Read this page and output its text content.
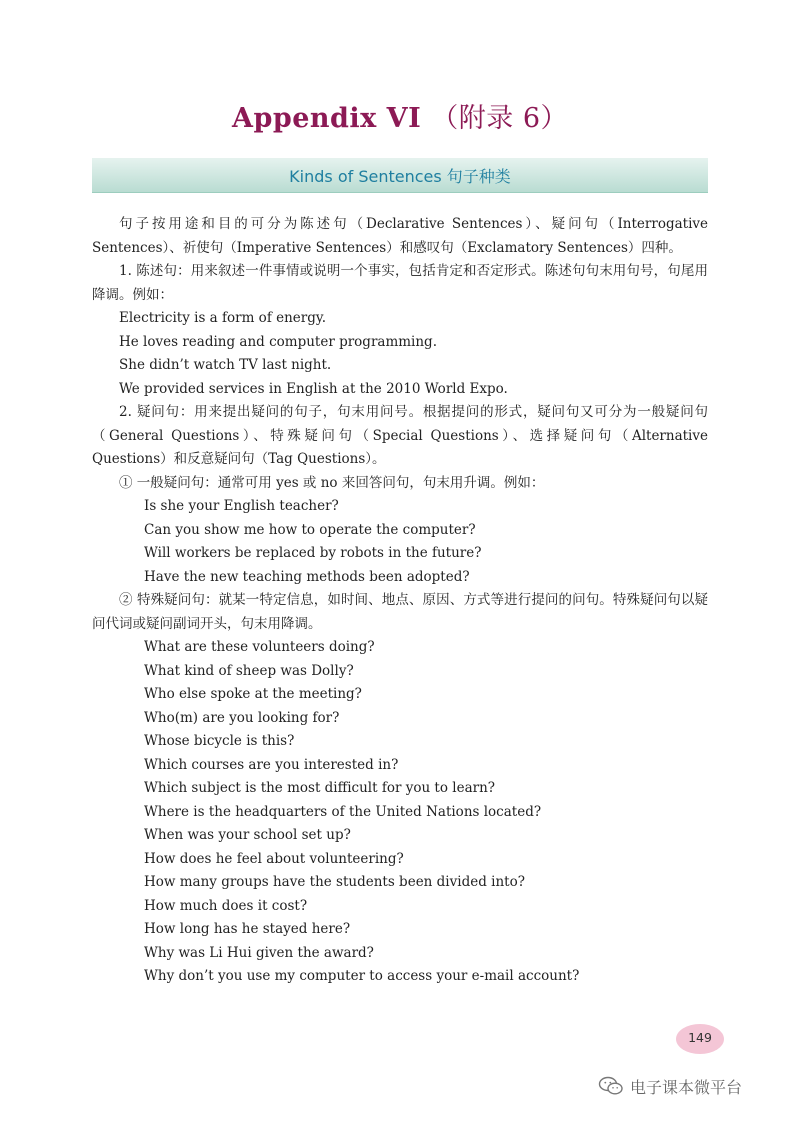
Appendix VI （附录 6）
Kinds of Sentences 句子种类

句子按用途和目的可分为陈述句（Declarative Sentences）、疑问句（Interrogative Sentences）、祈使句（Imperative Sentences）和感叹句（Exclamatory Sentences）四种。

1. 陈述句：用来叙述一件事情或说明一个事实，包括肯定和否定形式。陈述句句末用句号，句尾用降调。例如：

Electricity is a form of energy.

He loves reading and computer programming.

She didn’t watch TV last night.

We provided services in English at the 2010 World Expo.

2. 疑问句：用来提出疑问的句子，句末用问号。根据提问的形式，疑问句又可分为一般疑问句（General Questions）、特殊疑问句（Special Questions）、选择疑问句（Alternative Questions）和反意疑问句（Tag Questions）。

① 一般疑问句：通常可用 yes 或 no 来回答问句，句末用升调。例如：

Is she your English teacher?

Can you show me how to operate the computer?

Will workers be replaced by robots in the future?

Have the new teaching methods been adopted?

② 特殊疑问句：就某一特定信息，如时间、地点、原因、方式等进行提问的问句。特殊疑问句以疑问代词或疑问副词开头，句末用降调。

What are these volunteers doing?

What kind of sheep was Dolly?

Who else spoke at the meeting?

Who(m) are you looking for?

Whose bicycle is this?

Which courses are you interested in?

Which subject is the most difficult for you to learn?

Where is the headquarters of the United Nations located?

When was your school set up?

How does he feel about volunteering?

How many groups have the students been divided into?

How much does it cost?

How long has he stayed here?

Why was Li Hui given the award?

Why don’t you use my computer to access your e-mail account?

149
电子课本微平台
